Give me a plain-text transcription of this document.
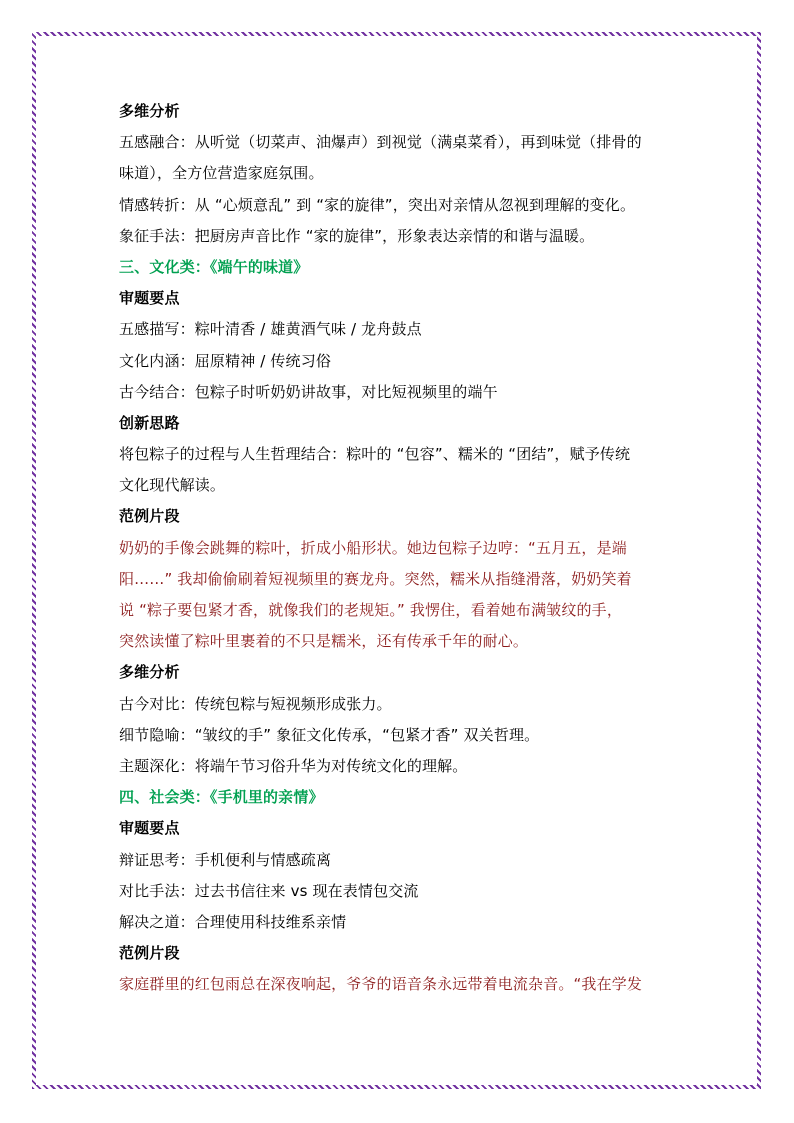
多维分析
五感融合：从听觉（切菜声、油爆声）到视觉（满桌菜肴），再到味觉（排骨的
味道），全方位营造家庭氛围。
情感转折：从 “心烦意乱” 到 “家的旋律”，突出对亲情从忽视到理解的变化。
象征手法：把厨房声音比作 “家的旋律”，形象表达亲情的和谐与温暖。
三、文化类：《端午的味道》
审题要点
五感描写：粽叶清香 / 雄黄酒气味 / 龙舟鼓点
文化内涵：屈原精神 / 传统习俗
古今结合：包粽子时听奶奶讲故事，对比短视频里的端午
创新思路
将包粽子的过程与人生哲理结合：粽叶的 “包容”、糯米的 “团结”，赋予传统
文化现代解读。
范例片段
奶奶的手像会跳舞的粽叶，折成小船形状。她边包粽子边哼：“五月五，是端
阳……” 我却偷偷刷着短视频里的赛龙舟。突然，糯米从指缝滑落，奶奶笑着
说 “粽子要包紧才香，就像我们的老规矩。” 我愣住，看着她布满皱纹的手，
突然读懂了粽叶里裹着的不只是糯米，还有传承千年的耐心。
多维分析
古今对比：传统包粽与短视频形成张力。
细节隐喻：“皱纹的手” 象征文化传承，“包紧才香” 双关哲理。
主题深化：将端午节习俗升华为对传统文化的理解。
四、社会类：《手机里的亲情》
审题要点
辩证思考：手机便利与情感疏离
对比手法：过去书信往来 vs 现在表情包交流
解决之道：合理使用科技维系亲情
范例片段
家庭群里的红包雨总在深夜响起，爷爷的语音条永远带着电流杂音。“我在学发
